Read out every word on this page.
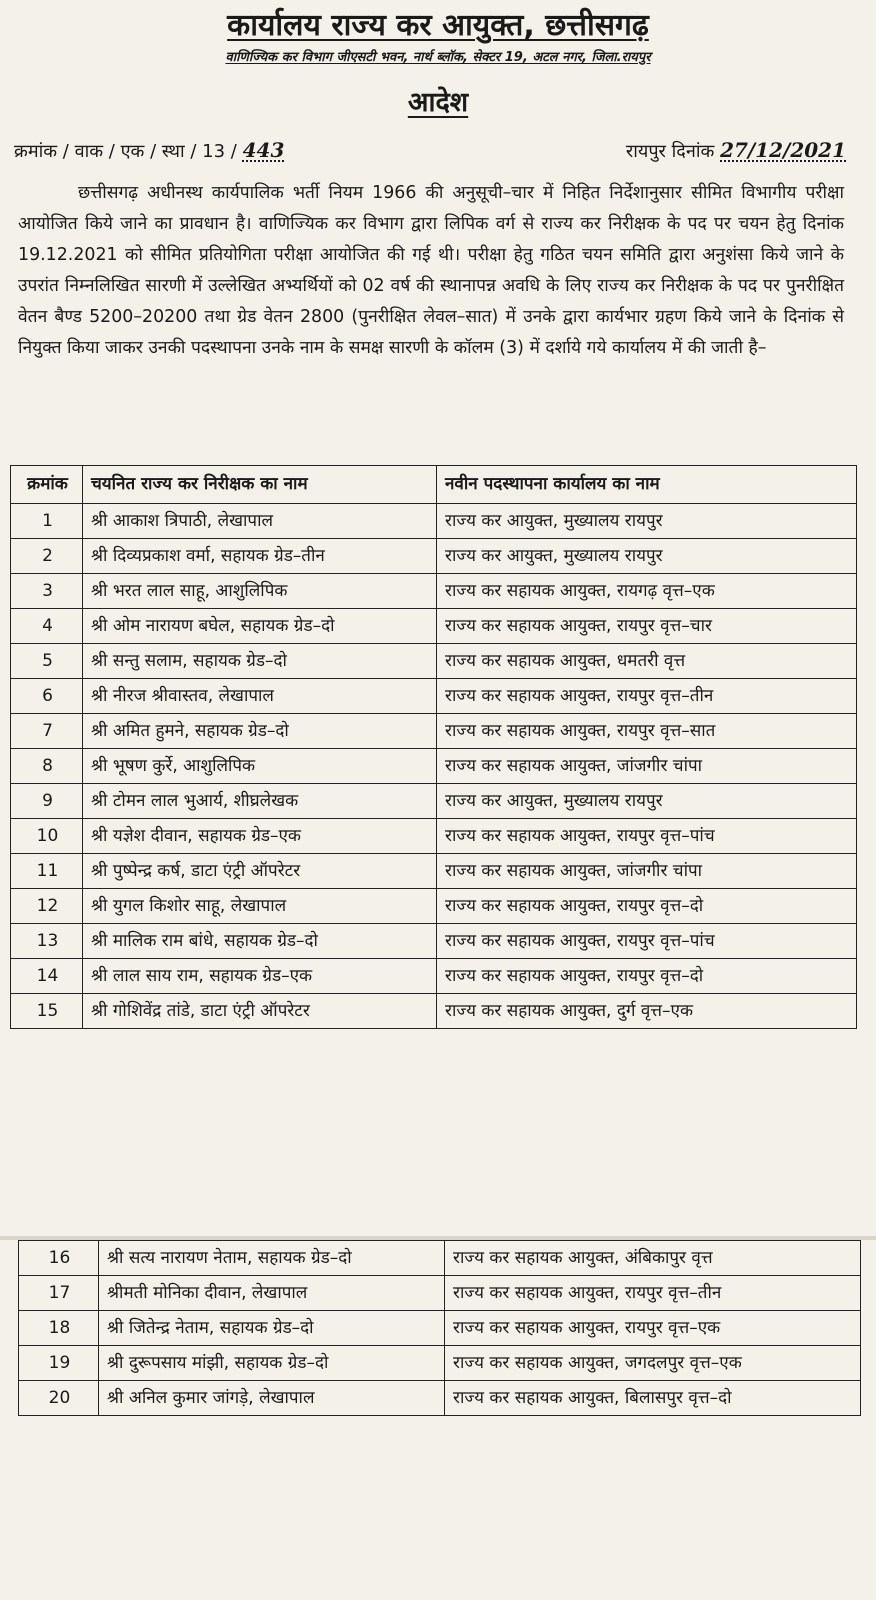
कार्यालय राज्य कर आयुक्त, छत्तीसगढ़

वाणिज्यिक कर विभाग जीएसटी भवन, नार्थ ब्लॉक, सेक्टर 19, अटल नगर, जिला.रायपुर

आदेश
क्रमांक / वाक / एक / स्था / 13 / 443	रायपुर दिनांक 27/12/2021

छत्तीसगढ़ अधीनस्थ कार्यपालिक भर्ती नियम 1966 की अनुसूची–चार में निहित निर्देशानुसार सीमित विभागीय परीक्षा आयोजित किये जाने का प्रावधान है। वाणिज्यिक कर विभाग द्वारा लिपिक वर्ग से राज्य कर निरीक्षक के पद पर चयन हेतु दिनांक 19.12.2021 को सीमित प्रतियोगिता परीक्षा आयोजित की गई थी। परीक्षा हेतु गठित चयन समिति द्वारा अनुशंसा किये जाने के उपरांत निम्नलिखित सारणी में उल्लेखित अभ्यर्थियों को 02 वर्ष की स्थानापन्न अवधि के लिए राज्य कर निरीक्षक के पद पर पुनरीक्षित वेतन बैण्ड 5200–20200 तथा ग्रेड वेतन 2800 (पुनरीक्षित लेवल–सात) में उनके द्वारा कार्यभार ग्रहण किये जाने के दिनांक से नियुक्त किया जाकर उनकी पदस्थापना उनके नाम के समक्ष सारणी के कॉलम (3) में दर्शाये गये कार्यालय में की जाती है–

क्रमांक	चयनित राज्य कर निरीक्षक का नाम	नवीन पदस्थापना कार्यालय का नाम
1	श्री आकाश त्रिपाठी, लेखापाल	राज्य कर आयुक्त, मुख्यालय रायपुर
2	श्री दिव्यप्रकाश वर्मा, सहायक ग्रेड–तीन	राज्य कर आयुक्त, मुख्यालय रायपुर
3	श्री भरत लाल साहू, आशुलिपिक	राज्य कर सहायक आयुक्त, रायगढ़ वृत्त–एक
4	श्री ओम नारायण बघेल, सहायक ग्रेड–दो	राज्य कर सहायक आयुक्त, रायपुर वृत्त–चार
5	श्री सन्तु सलाम, सहायक ग्रेड–दो	राज्य कर सहायक आयुक्त, धमतरी वृत्त
6	श्री नीरज श्रीवास्तव, लेखापाल	राज्य कर सहायक आयुक्त, रायपुर वृत्त–तीन
7	श्री अमित हुमने, सहायक ग्रेड–दो	राज्य कर सहायक आयुक्त, रायपुर वृत्त–सात
8	श्री भूषण कुर्रे, आशुलिपिक	राज्य कर सहायक आयुक्त, जांजगीर चांपा
9	श्री टोमन लाल भुआर्य, शीघ्रलेखक	राज्य कर आयुक्त, मुख्यालय रायपुर
10	श्री यज्ञेश दीवान, सहायक ग्रेड–एक	राज्य कर सहायक आयुक्त, रायपुर वृत्त–पांच
11	श्री पुष्पेन्द्र कर्ष, डाटा एंट्री ऑपरेटर	राज्य कर सहायक आयुक्त, जांजगीर चांपा
12	श्री युगल किशोर साहू, लेखापाल	राज्य कर सहायक आयुक्त, रायपुर वृत्त–दो
13	श्री मालिक राम बांधे, सहायक ग्रेड–दो	राज्य कर सहायक आयुक्त, रायपुर वृत्त–पांच
14	श्री लाल साय राम, सहायक ग्रेड–एक	राज्य कर सहायक आयुक्त, रायपुर वृत्त–दो
15	श्री गोशिवेंद्र तांडे, डाटा एंट्री ऑपरेटर	राज्य कर सहायक आयुक्त, दुर्ग वृत्त–एक
16	श्री सत्य नारायण नेताम, सहायक ग्रेड–दो	राज्य कर सहायक आयुक्त, अंबिकापुर वृत्त
17	श्रीमती मोनिका दीवान, लेखापाल	राज्य कर सहायक आयुक्त, रायपुर वृत्त–तीन
18	श्री जितेन्द्र नेताम, सहायक ग्रेड–दो	राज्य कर सहायक आयुक्त, रायपुर वृत्त–एक
19	श्री दुरूपसाय मांझी, सहायक ग्रेड–दो	राज्य कर सहायक आयुक्त, जगदलपुर वृत्त–एक
20	श्री अनिल कुमार जांगड़े, लेखापाल	राज्य कर सहायक आयुक्त, बिलासपुर वृत्त–दो
